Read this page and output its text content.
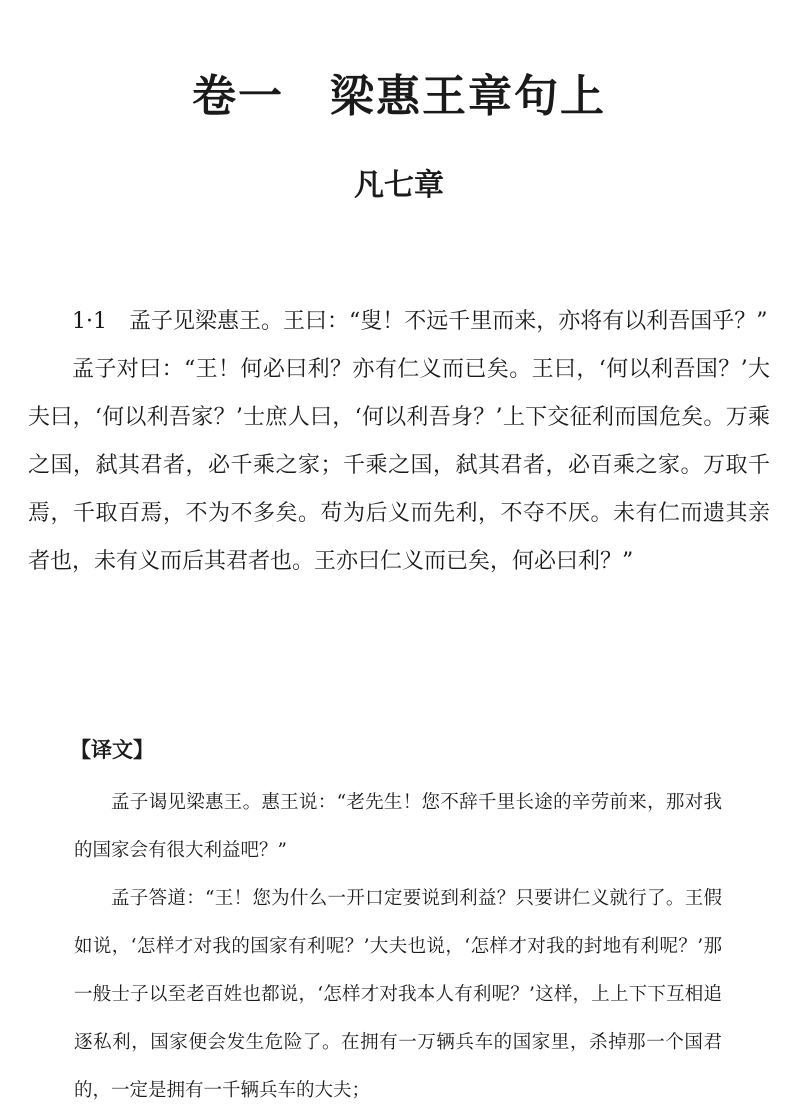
卷一　梁惠王章句上
凡七章

1·1　孟子见梁惠王。王曰：“叟！不远千里而来，亦将有以利吾国乎？”

孟子对曰：“王！何必曰利？亦有仁义而已矣。王曰，‘何以利吾国？’大夫曰，‘何以利吾家？’士庶人曰，‘何以利吾身？’上下交征利而国危矣。万乘之国，弑其君者，必千乘之家；千乘之国，弑其君者，必百乘之家。万取千焉，千取百焉，不为不多矣。苟为后义而先利，不夺不厌。未有仁而遗其亲者也，未有义而后其君者也。王亦曰仁义而已矣，何必曰利？”

【译文】

孟子谒见梁惠王。惠王说：“老先生！您不辞千里长途的辛劳前来，那对我的国家会有很大利益吧？”

孟子答道：“王！您为什么一开口定要说到利益？只要讲仁义就行了。王假如说，‘怎样才对我的国家有利呢？’大夫也说，‘怎样才对我的封地有利呢？’那一般士子以至老百姓也都说，‘怎样才对我本人有利呢？’这样，上上下下互相追逐私利，国家便会发生危险了。在拥有一万辆兵车的国家里，杀掉那一个国君的，一定是拥有一千辆兵车的大夫；
